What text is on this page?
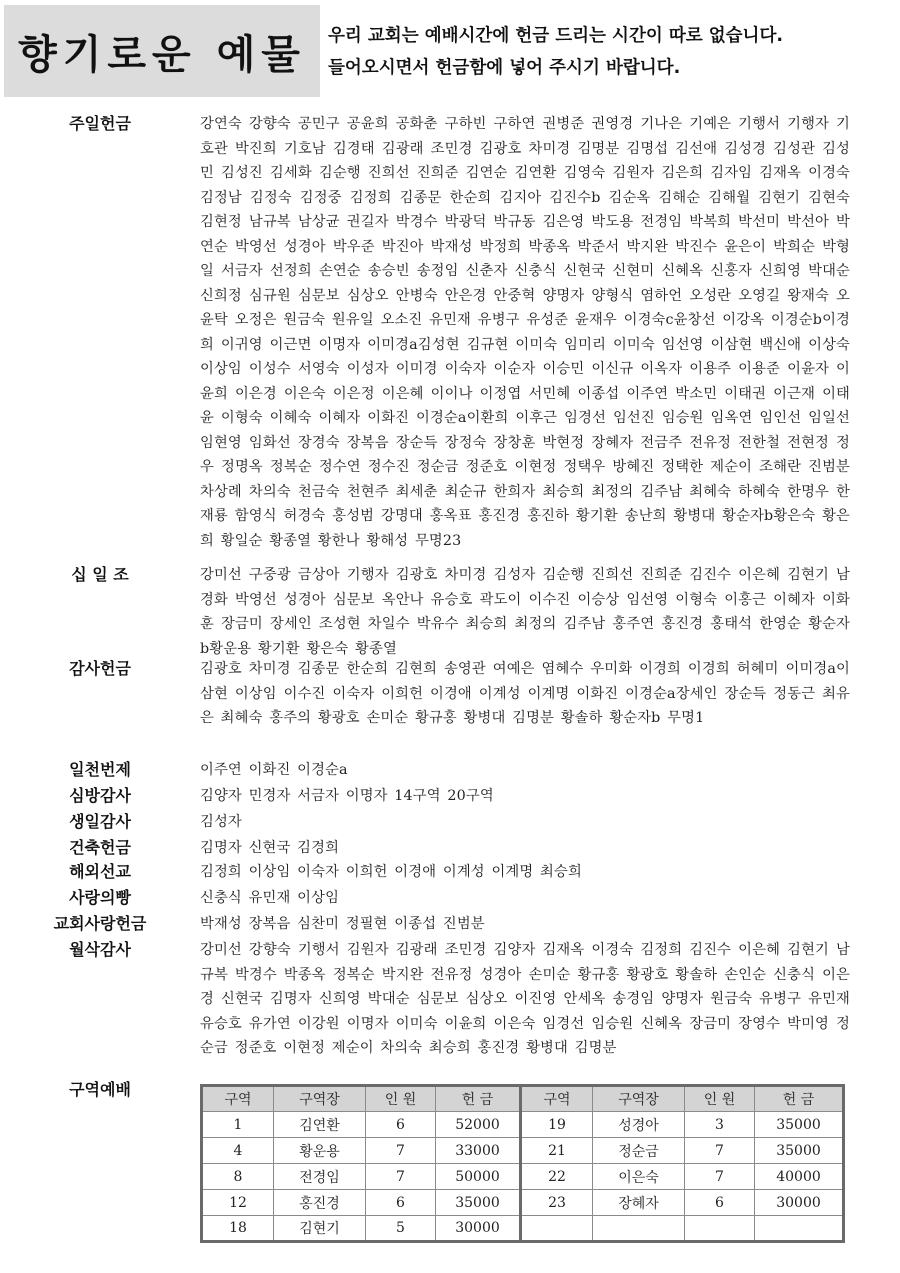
향기로운 예물 우리 교회는 예배시간에 헌금 드리는 시간이 따로 없습니다.
들어오시면서 헌금함에 넣어 주시기 바랍니다.
주일헌금	강연숙 강향숙 공민구 공윤희 공화춘 구하빈 구하연 권병준 권영경 기나은 기예은 기행서 기행자 기호관 박진희 기호남 김경태 김광래 조민경 김광호 차미경 김명분 김명섭 김선애 김성경 김성관 김성민 김성진 김세화 김순행 진희선 진희준 김연순 김연환 김영숙 김원자 김은희 김자임 김재옥 이경숙 김정남 김정숙 김정중 김정희 김종문 한순희 김지아 김진수b 김순옥 김해순 김해월 김현기 김현숙 김현정 남규복 남상균 권길자 박경수 박광덕 박규동 김은영 박도용 전경임 박복희 박선미 박선아 박연순 박영선 성경아 박우준 박진아 박재성 박정희 박종옥 박준서 박지완 박진수 윤은이 박희순 박형일 서금자 선정희 손연순 송승빈 송정임 신춘자 신충식 신현국 신현미 신혜옥 신홍자 신희영 박대순 신희정 심규원 심문보 심상오 안병숙 안은경 안중혁 양명자 양형식 염하언 오성란 오영길 왕재숙 오윤탁 오정은 원금숙 원유일 오소진 유민재 유병구 유성준 윤재우 이경숙c윤창선 이강옥 이경순b이경희 이귀영 이근면 이명자 이미경a김성현 김규현 이미숙 임미리 이미숙 임선영 이삼현 백신애 이상숙 이상임 이성수 서영숙 이성자 이미경 이숙자 이순자 이승민 이신규 이옥자 이용주 이용준 이윤자 이윤희 이은경 이은숙 이은정 이은혜 이이나 이정엽 서민혜 이종섭 이주연 박소민 이태권 이근재 이태윤 이형숙 이혜숙 이혜자 이화진 이경순a이환희 이후근 임경선 임선진 임승원 임옥연 임인선 임일선 임현영 임화선 장경숙 장복음 장순득 장정숙 장창훈 박현정 장혜자 전금주 전유정 전한철 전현정 정 우 정명옥 정복순 정수연 정수진 정순금 정준호 이현정 정택우 방혜진 정택한 제순이 조해란 진범분 차상례 차의숙 천금숙 천현주 최세춘 최순규 한희자 최승희 최정의 김주남 최혜숙 하혜숙 한명우 한재룡 함영식 허경숙 홍성범 강명대 홍옥표 홍진경 홍진하 황기환 송난희 황병대 황순자b황은숙 황은희 황일순 황종열 황한나 황해성 무명23
십 일 조	강미선 구중광 금상아 기행자 김광호 차미경 김성자 김순행 진희선 진희준 김진수 이은혜 김현기 남경화 박영선 성경아 심문보 옥안나 유승호 곽도이 이수진 이승상 임선영 이형숙 이홍근 이혜자 이화훈 장금미 장세인 조성현 차일수 박유수 최승희 최정의 김주남 홍주연 홍진경 홍태석 한영순 황순자b황운용 황기환 황은숙 황종열
감사헌금	김광호 차미경 김종문 한순희 김현희 송영관 여예은 염혜수 우미화 이경희 이경희 허혜미 이미경a이삼현 이상임 이수진 이숙자 이희헌 이경애 이계성 이계명 이화진 이경순a장세인 장순득 정동근 최유은 최혜숙 홍주의 황광호 손미순 황규홍 황병대 김명분 황솔하 황순자b 무명1
일천번제	이주연 이화진 이경순a
심방감사	김양자 민경자 서금자 이명자 14구역 20구역
생일감사	김성자
건축헌금	김명자 신현국 김경희
해외선교	김정희 이상임 이숙자 이희헌 이경애 이계성 이계명 최승희
사랑의빵	신충식 유민재 이상임
교회사랑헌금	박재성 장복음 심찬미 정필현 이종섭 진범분
월삭감사	강미선 강향숙 기행서 김원자 김광래 조민경 김양자 김재옥 이경숙 김정희 김진수 이은혜 김현기 남규복 박경수 박종옥 정복순 박지완 전유정 성경아 손미순 황규홍 황광호 황솔하 손인순 신충식 이은경 신현국 김명자 신희영 박대순 심문보 심상오 이진영 안세옥 송경임 양명자 원금숙 유병구 유민재 유승호 유가연 이강원 이명자 이미숙 이윤희 이은숙 임경선 임승원 신혜옥 장금미 장영수 박미영 정순금 정준호 이현정 제순이 차의숙 최승희 홍진경 황병대 김명분
구역예배
구역	구역장	인 원	헌 금	구역	구역장	인 원	헌 금
1	김연환	6	52000	19	성경아	3	35000
4	황운용	7	33000	21	정순금	7	35000
8	전경임	7	50000	22	이은숙	7	40000
12	홍진경	6	35000	23	장혜자	6	30000
18	김현기	5	30000				
